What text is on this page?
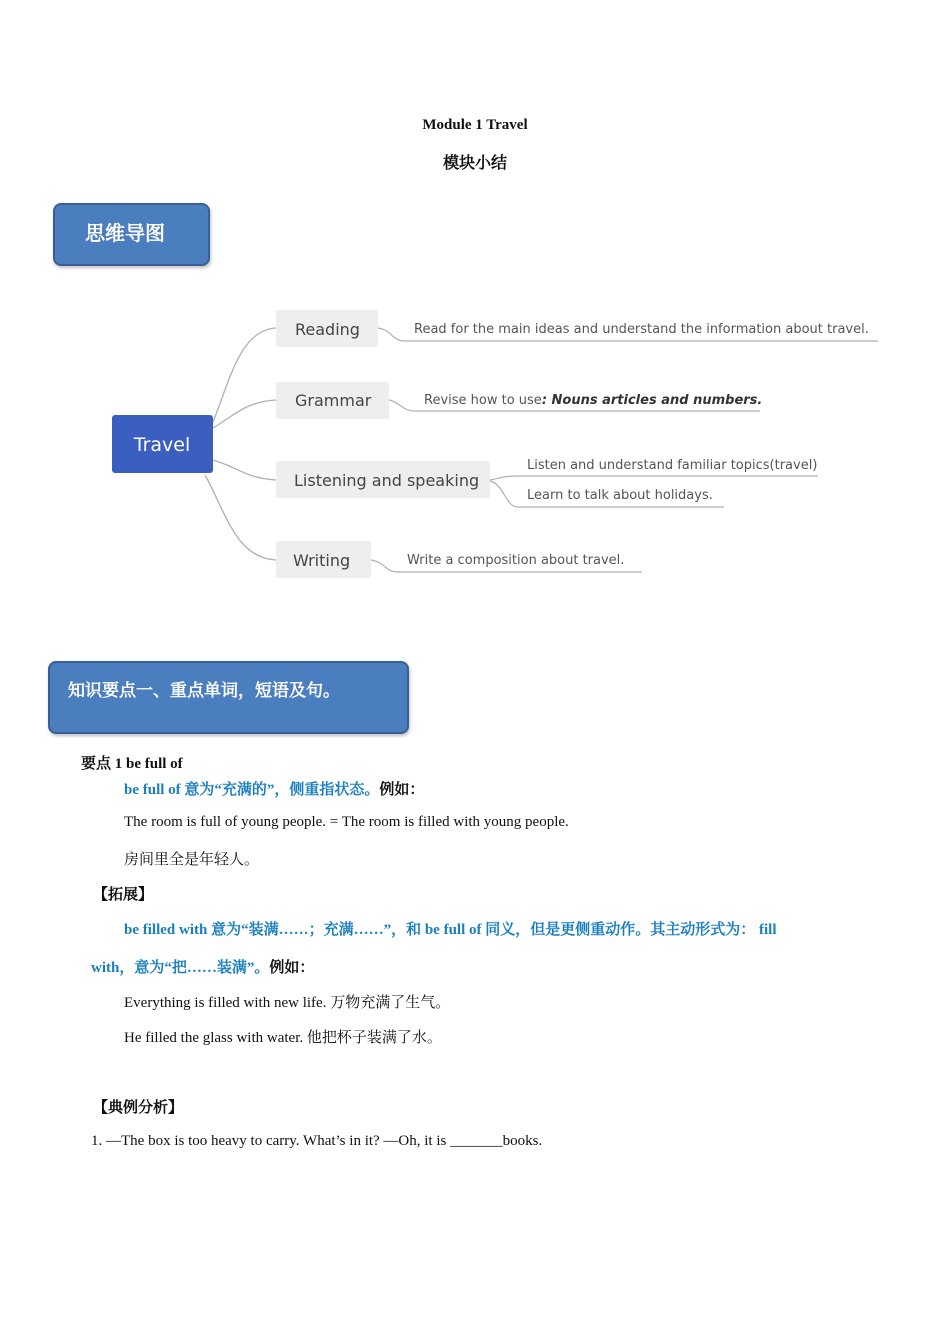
Module 1 Travel
模块小结
思维导图
Travel
Reading
Grammar
Listening and speaking
Writing
Read for the main ideas and understand the information about travel.
Revise how to use: Nouns articles and numbers.
Listen and understand familiar topics(travel)
Learn to talk about holidays.
Write a composition about travel.
知识要点一、重点单词，短语及句。
要点 1 be full of
be full of 意为“充满的”，侧重指状态。例如：
The room is full of young people. = The room is filled with young people.
房间里全是年轻人。
【拓展】
be filled with 意为“装满……；充满……”，和 be full of 同义，但是更侧重动作。其主动形式为： fill
with，意为“把……装满”。例如：
Everything is filled with new life. 万物充满了生气。
He filled the glass with water. 他把杯子装满了水。
【典例分析】
1. —The box is too heavy to carry. What’s in it? —Oh, it is _______books.
